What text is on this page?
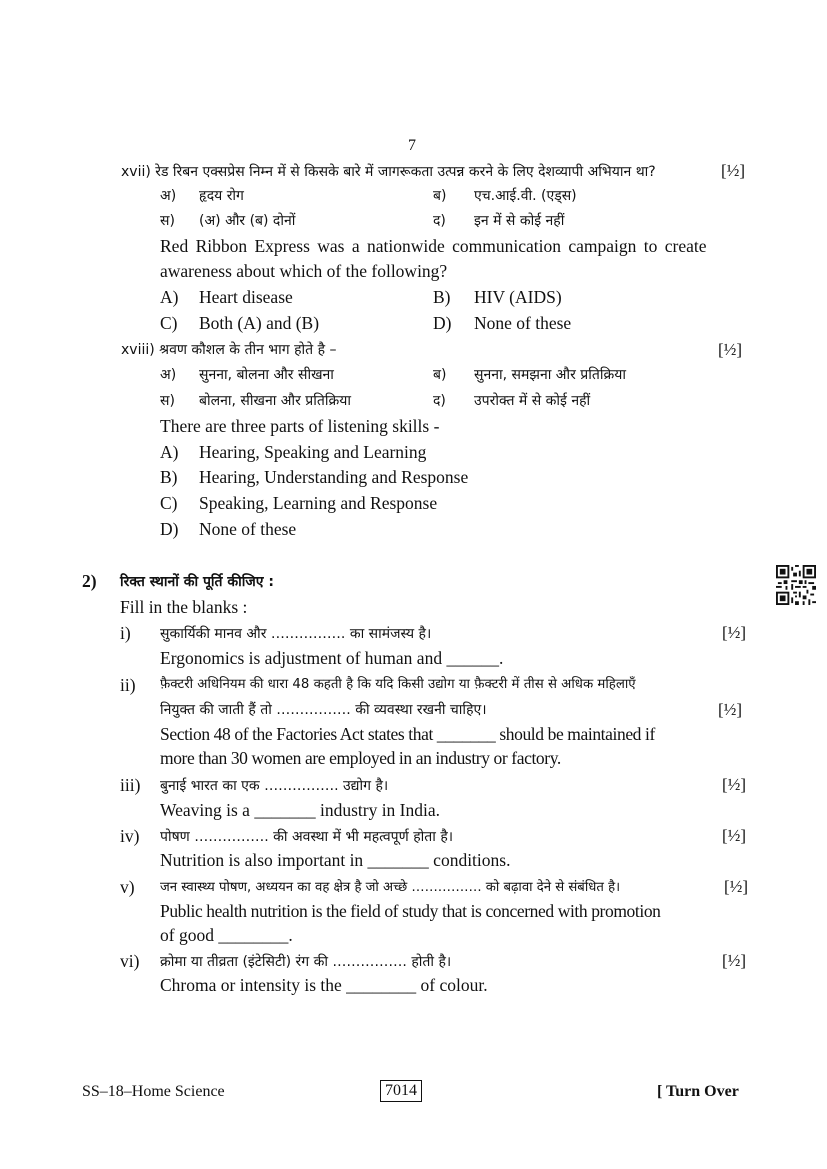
7
xvii) रेड रिबन एक्सप्रेस निम्न में से किसके बारे में जागरूकता उत्पन्न करने के लिए देशव्यापी अभियान था?	[½]
अ) हृदय रोग	ब) एच.आई.वी. (एड्स)
स) (अ) और (ब) दोनों	द) इन में से कोई नहीं
Red Ribbon Express was a nationwide communication campaign to create
awareness about which of the following?
A) Heart disease	B) HIV (AIDS)
C) Both (A) and (B)	D) None of these
xviii) श्रवण कौशल के तीन भाग होते है –	[½]
अ) सुनना, बोलना और सीखना	ब) सुनना, समझना और प्रतिक्रिया
स) बोलना, सीखना और प्रतिक्रिया	द) उपरोक्त में से कोई नहीं
There are three parts of listening skills -
A) Hearing, Speaking and Learning
B) Hearing, Understanding and Response
C) Speaking, Learning and Response
D) None of these
2) रिक्त स्थानों की पूर्ति कीजिए :
Fill in the blanks :
i) सुकार्यिकी मानव और ……………. का सामंजस्य है।	[½]
Ergonomics is adjustment of human and ______.
ii) फ़ैक्टरी अधिनियम की धारा 48 कहती है कि यदि किसी उद्योग या फ़ैक्टरी में तीस से अधिक महिलाएँ
नियुक्त की जाती हैं तो ……………. की व्यवस्था रखनी चाहिए।	[½]
Section 48 of the Factories Act states that _______ should be maintained if
more than 30 women are employed in an industry or factory.
iii) बुनाई भारत का एक ……………. उद्योग है।	[½]
Weaving is a _______ industry in India.
iv) पोषण ……………. की अवस्था में भी महत्वपूर्ण होता है।	[½]
Nutrition is also important in _______ conditions.
v) जन स्वास्थ्य पोषण, अध्ययन का वह क्षेत्र है जो अच्छे ……………. को बढ़ावा देने से संबंधित है।	[½]
Public health nutrition is the field of study that is concerned with promotion
of good ________.
vi) क्रोमा या तीव्रता (इंटेसिटी) रंग की ……………. होती है।	[½]
Chroma or intensity is the ________ of colour.
SS–18–Home Science	7014	[ Turn Over
